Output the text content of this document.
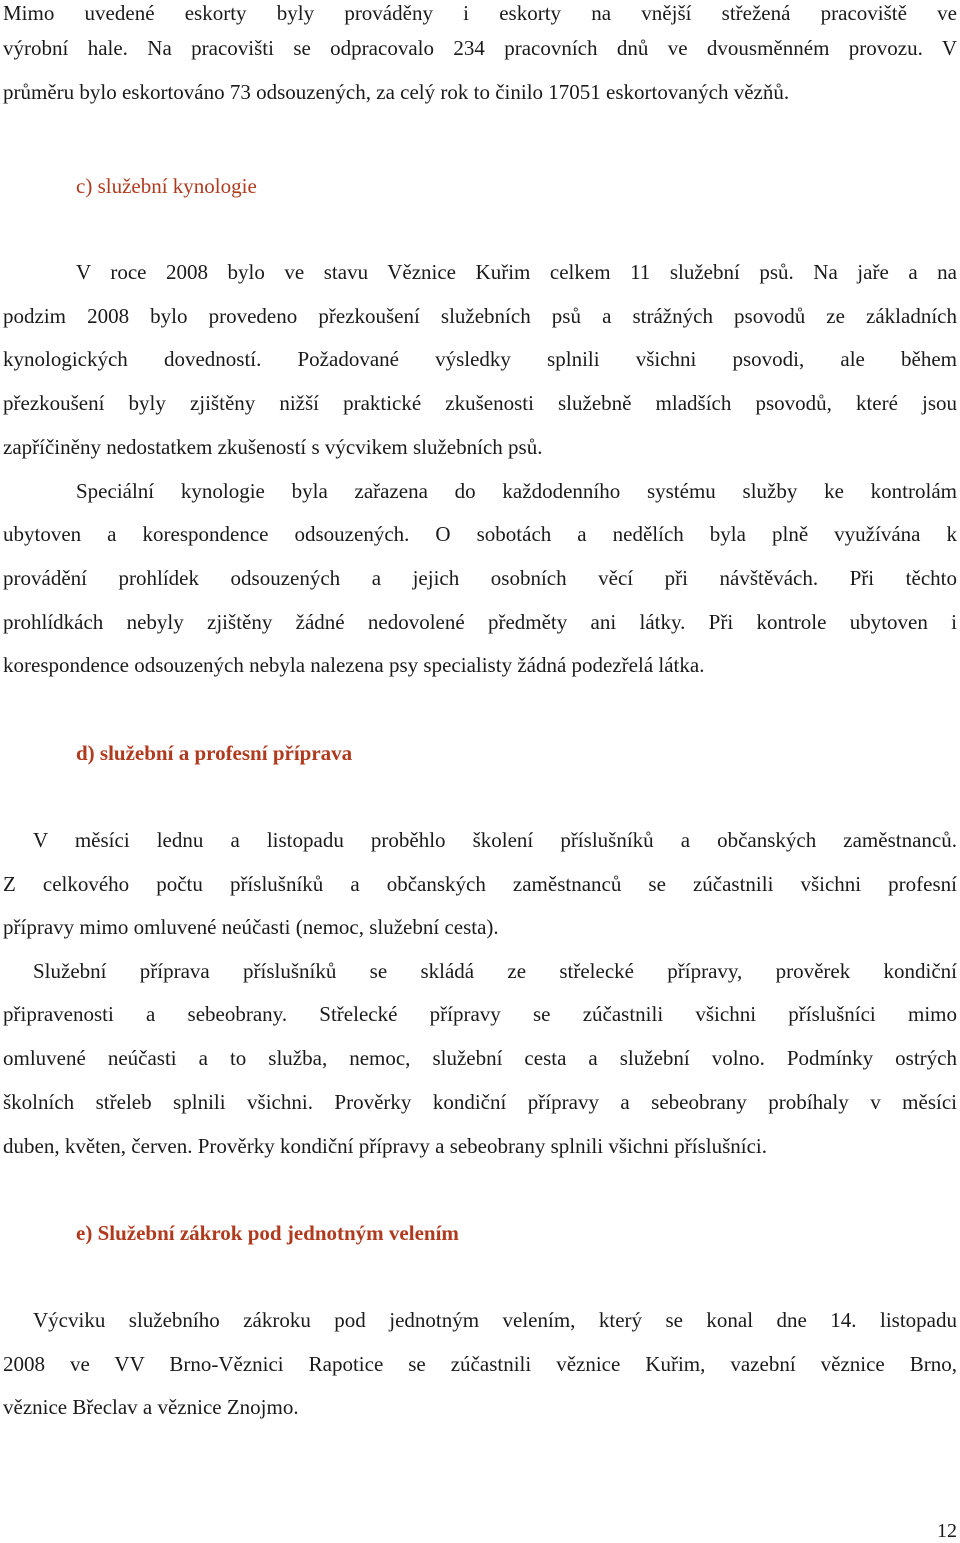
Mimo uvedené eskorty byly prováděny i eskorty na vnější střežená pracoviště ve
výrobní hale. Na pracovišti se odpracovalo 234 pracovních dnů ve dvousměnném provozu. V
průměru bylo eskortováno 73 odsouzených, za celý rok to činilo 17051 eskortovaných vězňů.
c) služební kynologie
V roce 2008 bylo ve stavu Věznice Kuřim celkem 11 služební psů. Na jaře a na
podzim 2008 bylo provedeno přezkoušení služebních psů a strážných psovodů ze základních
kynologických dovedností. Požadované výsledky splnili všichni psovodi, ale během
přezkoušení byly zjištěny nižší praktické zkušenosti služebně mladších psovodů, které jsou
zapříčiněny nedostatkem zkušeností s výcvikem služebních psů.
Speciální kynologie byla zařazena do každodenního systému služby ke kontrolám
ubytoven a korespondence odsouzených. O sobotách a nedělích byla plně využívána k
provádění prohlídek odsouzených a jejich osobních věcí při návštěvách. Při těchto
prohlídkách nebyly zjištěny žádné nedovolené předměty ani látky. Při kontrole ubytoven i
korespondence odsouzených nebyla nalezena psy specialisty žádná podezřelá látka.
d) služební a profesní příprava
V měsíci lednu a listopadu proběhlo školení příslušníků a občanských zaměstnanců.
Z celkového počtu příslušníků a občanských zaměstnanců se zúčastnili všichni profesní
přípravy mimo omluvené neúčasti (nemoc, služební cesta).
Služební příprava příslušníků se skládá ze střelecké přípravy, prověrek kondiční
připravenosti a sebeobrany. Střelecké přípravy se zúčastnili všichni příslušníci mimo
omluvené neúčasti a to služba, nemoc, služební cesta a služební volno. Podmínky ostrých
školních střeleb splnili všichni. Prověrky kondiční přípravy a sebeobrany probíhaly v měsíci
duben, květen, červen. Prověrky kondiční přípravy a sebeobrany splnili všichni příslušníci.
e) Služební zákrok pod jednotným velením
Výcviku služebního zákroku pod jednotným velením, který se konal dne 14. listopadu
2008 ve VV Brno-Věznici Rapotice se zúčastnili věznice Kuřim, vazební věznice Brno,
věznice Břeclav a věznice Znojmo.
12
